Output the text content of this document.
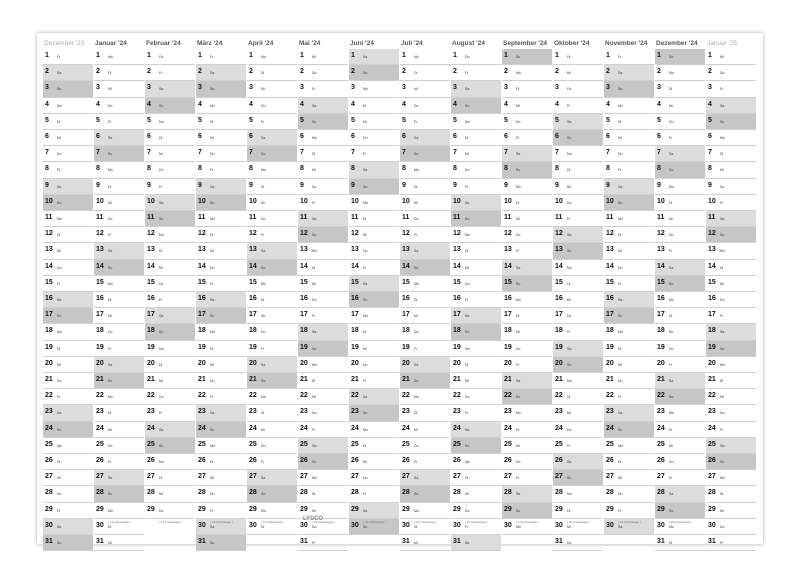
Dezember '23
1 Fr
2 Sa
3 So
4 Mo
5 Di
6 Mi
7 Do
8 Fr
9 Sa
10 So
11 Mo
12 Di
13 Mi
14 Do
15 Fr
16 Sa
17 So
18 Mo
19 Di
20 Mi
21 Do
22 Fr
23 Sa
24 So
25 Mo
26 Di
27 Mi
28 Do
29 Fr
30 Sa
31 So
Januar '24
1 Mo
2 Di
3 Mi
4 Do
5 Fr
6 Sa
7 So
8 Mo
9 Di
10 Mi
11 Do
12 Fr
13 Sa
14 So
15 Mo
16 Di
17 Mi
18 Do
19 Fr
20 Sa
21 So
22 Mo
23 Di
24 Mi
25 Do
26 Fr
27 Sa
28 So
29 Mo
30 Di
31 Mi
[ 21 Arbeitstage ]
Februar '24
1 Do
2 Fr
3 Sa
4 So
5 Mo
6 Di
7 Mi
8 Do
9 Fr
10 Sa
11 So
12 Mo
13 Di
14 Mi
15 Do
16 Fr
17 Sa
18 So
19 Mo
20 Di
21 Mi
22 Do
23 Fr
24 Sa
25 So
26 Mo
27 Di
28 Mi
29 Do
[ 21 Arbeitstage ]
März '24
1 Fr
2 Sa
3 So
4 Mo
5 Di
6 Mi
7 Do
8 Fr
9 Sa
10 So
11 Mo
12 Di
13 Mi
14 Do
15 Fr
16 Sa
17 So
18 Mo
19 Di
20 Mi
21 Do
22 Fr
23 Sa
24 So
25 Mo
26 Di
27 Mi
28 Do
29 Fr
30 Sa
31 So
[ 19 Arbeitstage ]
April '24
1 Mo
2 Di
3 Mi
4 Do
5 Fr
6 Sa
7 So
8 Mo
9 Di
10 Mi
11 Do
12 Fr
13 Sa
14 So
15 Mo
16 Di
17 Mi
18 Do
19 Fr
20 Sa
21 So
22 Mo
23 Di
24 Mi
25 Do
26 Fr
27 Sa
28 So
29 Mo
30 Di
[ 21 Arbeitstage ]
Mai '24
1 Mi
2 Do
3 Fr
4 Sa
5 So
6 Mo
7 Di
8 Mi
9 Do
10 Fr
11 Sa
12 So
13 Mo
14 Di
15 Mi
16 Do
17 Fr
18 Sa
19 So
20 Mo
21 Di
22 Mi
23 Do
24 Fr
25 Sa
26 So
27 Mo
28 Di
29 Mi
30 Do
31 Fr
[ 20 Arbeitstage ]
Juni '24
1 Sa
2 So
3 Mo
4 Di
5 Mi
6 Do
7 Fr
8 Sa
9 So
10 Mo
11 Di
12 Mi
13 Do
14 Fr
15 Sa
16 So
17 Mo
18 Di
19 Mi
20 Do
21 Fr
22 Sa
23 So
24 Mo
25 Di
26 Mi
27 Do
28 Fr
29 Sa
30 So
[ 20 Arbeitstage ]
Juli '24
1 Mo
2 Di
3 Mi
4 Do
5 Fr
6 Sa
7 So
8 Mo
9 Di
10 Mi
11 Do
12 Fr
13 Sa
14 So
15 Mo
16 Di
17 Mi
18 Do
19 Fr
20 Sa
21 So
22 Mo
23 Di
24 Mi
25 Do
26 Fr
27 Sa
28 So
29 Mo
30 Di
31 Mi
[ 23 Arbeitstage ]
August '24
1 Do
2 Fr
3 Sa
4 So
5 Mo
6 Di
7 Mi
8 Do
9 Fr
10 Sa
11 So
12 Mo
13 Di
14 Mi
15 Do
16 Fr
17 Sa
18 So
19 Mo
20 Di
21 Mi
22 Do
23 Fr
24 Sa
25 So
26 Mo
27 Di
28 Mi
29 Do
30 Fr
31 Sa
[ 22 Arbeitstage ]
September '24
1 So
2 Mo
3 Di
4 Mi
5 Do
6 Fr
7 Sa
8 So
9 Mo
10 Di
11 Mi
12 Do
13 Fr
14 Sa
15 So
16 Mo
17 Di
18 Mi
19 Do
20 Fr
21 Sa
22 So
23 Mo
24 Di
25 Mi
26 Do
27 Fr
28 Sa
29 So
30 Mo
[ 21 Arbeitstage ]
Oktober '24
1 Di
2 Mi
3 Do
4 Fr
5 Sa
6 So
7 Mo
8 Di
9 Mi
10 Do
11 Fr
12 Sa
13 So
14 Mo
15 Di
16 Mi
17 Do
18 Fr
19 Sa
20 So
21 Mo
22 Di
23 Mi
24 Do
25 Fr
26 Sa
27 So
28 Mo
29 Di
30 Mi
31 Do
[ 22 Arbeitstage ]
November '24
1 Fr
2 Sa
3 So
4 Mo
5 Di
6 Mi
7 Do
8 Fr
9 Sa
10 So
11 Mo
12 Di
13 Mi
14 Do
15 Fr
16 Sa
17 So
18 Mo
19 Di
20 Mi
21 Do
22 Fr
23 Sa
24 So
25 Mo
26 Di
27 Mi
28 Do
29 Fr
30 Sa
[ 21 Arbeitstage ]
Dezember '24
1 So
2 Mo
3 Di
4 Mi
5 Do
6 Fr
7 Sa
8 So
9 Mo
10 Di
11 Mi
12 Do
13 Fr
14 Sa
15 So
16 Mo
17 Di
18 Mi
19 Do
20 Fr
21 Sa
22 So
23 Mo
24 Di
25 Mi
26 Do
27 Fr
28 Sa
29 So
30 Mo
31 Di
[ 20 Arbeitstage ]
Januar '25
1 Mi
2 Do
3 Fr
4 Sa
5 So
6 Mo
7 Di
8 Mi
9 Do
10 Fr
11 Sa
12 So
13 Mo
14 Di
15 Mi
16 Do
17 Fr
18 Sa
19 So
20 Mo
21 Di
22 Mi
23 Do
24 Fr
25 Sa
26 So
27 Mo
28 Di
29 Mi
30 Do
31 Fr
LYSCO
